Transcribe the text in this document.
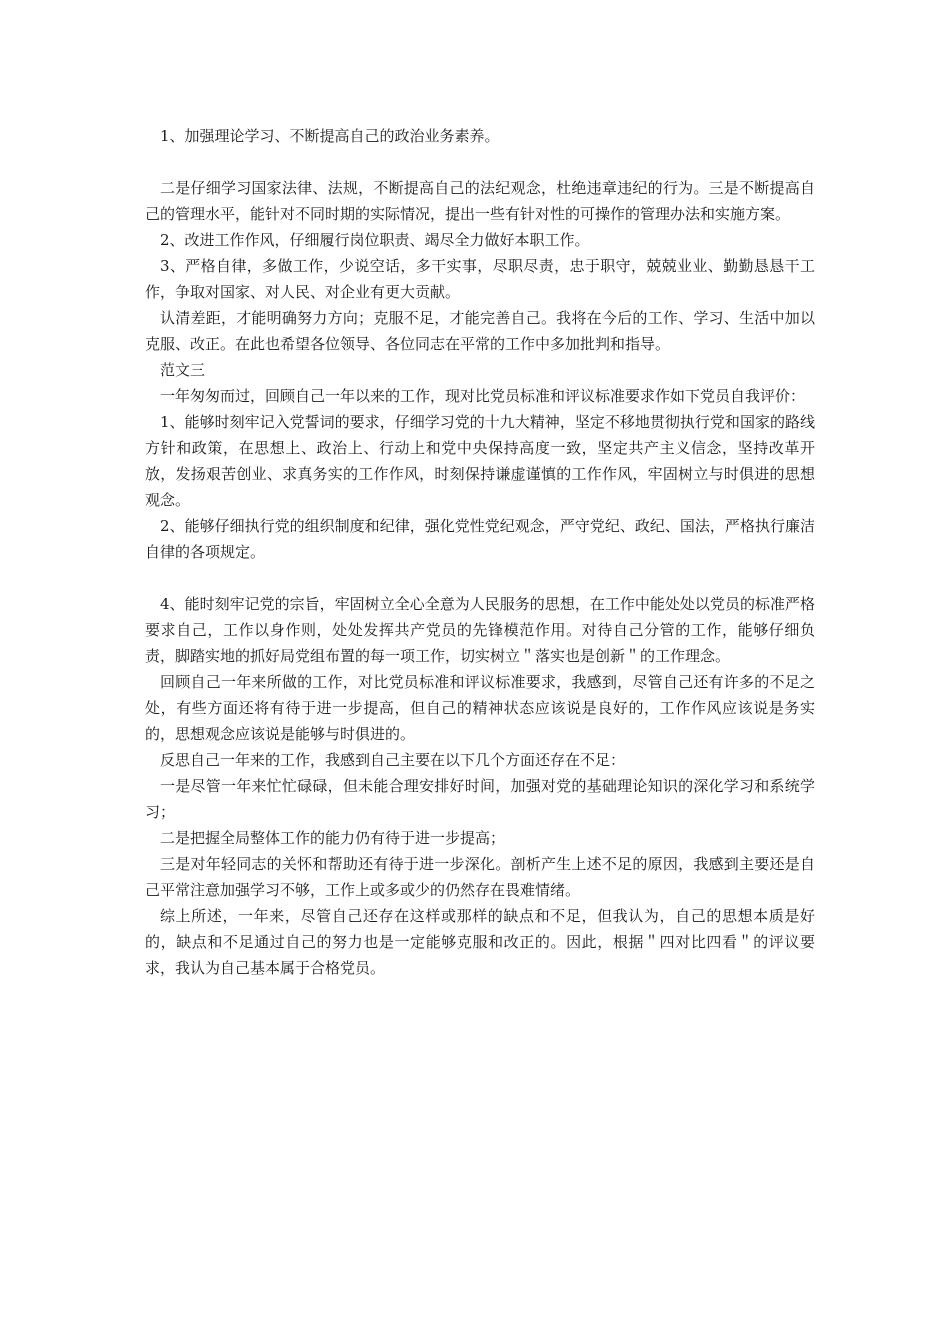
1、加强理论学习、不断提高自己的政治业务素养。

二是仔细学习国家法律、法规，不断提高自己的法纪观念，杜绝违章违纪的行为。三是不断提高自己的管理水平，能针对不同时期的实际情况，提出一些有针对性的可操作的管理办法和实施方案。

2、改进工作作风，仔细履行岗位职责、竭尽全力做好本职工作。

3、严格自律，多做工作，少说空话，多干实事，尽职尽责，忠于职守，兢兢业业、勤勤恳恳干工作，争取对国家、对人民、对企业有更大贡献。

认清差距，才能明确努力方向；克服不足，才能完善自己。我将在今后的工作、学习、生活中加以克服、改正。在此也希望各位领导、各位同志在平常的工作中多加批判和指导。

范文三

一年匆匆而过，回顾自己一年以来的工作，现对比党员标准和评议标准要求作如下党员自我评价：

1、能够时刻牢记入党誓词的要求，仔细学习党的十九大精神，坚定不移地贯彻执行党和国家的路线方针和政策，在思想上、政治上、行动上和党中央保持高度一致，坚定共产主义信念，坚持改革开放，发扬艰苦创业、求真务实的工作作风，时刻保持谦虚谨慎的工作作风，牢固树立与时俱进的思想观念。

2、能够仔细执行党的组织制度和纪律，强化党性党纪观念，严守党纪、政纪、国法，严格执行廉洁自律的各项规定。

4、能时刻牢记党的宗旨，牢固树立全心全意为人民服务的思想，在工作中能处处以党员的标准严格要求自己，工作以身作则，处处发挥共产党员的先锋模范作用。对待自己分管的工作，能够仔细负责，脚踏实地的抓好局党组布置的每一项工作，切实树立＂落实也是创新＂的工作理念。

回顾自己一年来所做的工作，对比党员标准和评议标准要求，我感到，尽管自己还有许多的不足之处，有些方面还将有待于进一步提高，但自己的精神状态应该说是良好的，工作作风应该说是务实的，思想观念应该说是能够与时俱进的。

反思自己一年来的工作，我感到自己主要在以下几个方面还存在不足：

一是尽管一年来忙忙碌碌，但未能合理安排好时间，加强对党的基础理论知识的深化学习和系统学习；

二是把握全局整体工作的能力仍有待于进一步提高；

三是对年轻同志的关怀和帮助还有待于进一步深化。剖析产生上述不足的原因，我感到主要还是自己平常注意加强学习不够，工作上或多或少的仍然存在畏难情绪。

综上所述，一年来，尽管自己还存在这样或那样的缺点和不足，但我认为，自己的思想本质是好的，缺点和不足通过自己的努力也是一定能够克服和改正的。因此，根据＂四对比四看＂的评议要求，我认为自己基本属于合格党员。
